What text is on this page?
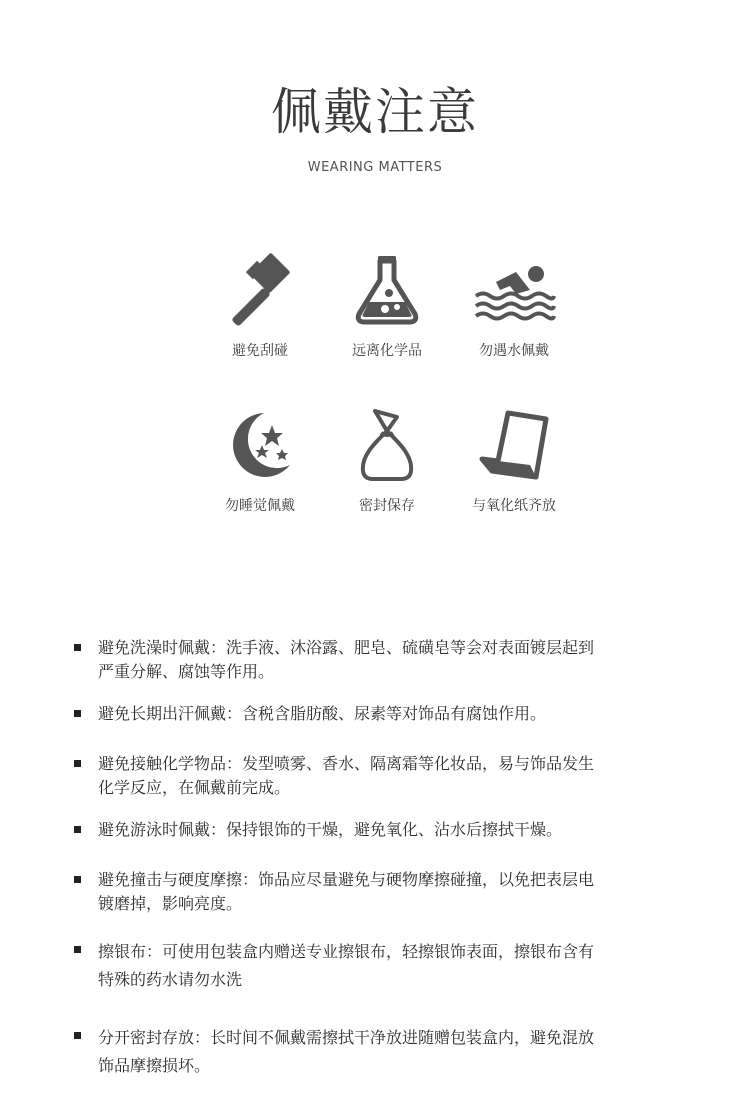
佩戴注意
WEARING MATTERS
避免刮碰	远离化学品	勿遇水佩戴
勿睡觉佩戴	密封保存	与氧化纸齐放
避免洗澡时佩戴：洗手液、沐浴露、肥皂、硫磺皂等会对表面镀层起到
严重分解、腐蚀等作用。
避免长期出汗佩戴：含税含脂肪酸、尿素等对饰品有腐蚀作用。
避免接触化学物品：发型喷雾、香水、隔离霜等化妆品，易与饰品发生
化学反应，在佩戴前完成。
避免游泳时佩戴：保持银饰的干燥，避免氧化、沾水后擦拭干燥。
避免撞击与硬度摩擦：饰品应尽量避免与硬物摩擦碰撞，以免把表层电
镀磨掉，影响亮度。
擦银布：可使用包装盒内赠送专业擦银布，轻擦银饰表面，擦银布含有
特殊的药水请勿水洗
分开密封存放：长时间不佩戴需擦拭干净放进随赠包装盒内，避免混放
饰品摩擦损坏。
